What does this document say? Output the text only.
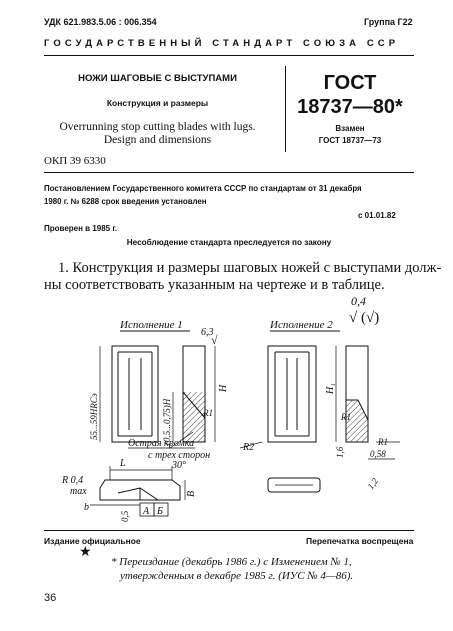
УДК 621.983.5.06 : 006.354	Группа Г22
ГОСУДАРСТВЕННЫЙ СТАНДАРТ СОЮЗА ССР
НОЖИ ШАГОВЫЕ С ВЫСТУПАМИ
Конструкция и размеры
Overrunning stop cutting blades with lugs.
Design and dimensions
ГОСТ
18737—80*
Взамен
ГОСТ 18737—73
ОКП 39 6330
Постановлением Государственного комитета СССР по стандартам от 31 декабря
1980 г. № 6288 срок введения установлен
с 01.01.82
Проверен в 1985 г.
Несоблюдение стандарта преследуется по закону
1. Конструкция и размеры шаговых ножей с выступами долж-
ны соответствовать указанным на чертеже и в таблице.
0,4
√ (√)
Исполнение 1	Исполнение 2
55...59HRCэ
6,3
√
H
(0,5...0,75)H	R1
Острая кромка
с трех сторон
30°
L
R 0,4
max
b
B
0,5 А Б
R2
H₁
R1
R1
1,6	0,58
1,2
Издание официальное	Перепечатка воспрещена
★
* Переиздание (декабрь 1986 г.) с Изменением № 1,
утвержденным в декабре 1985 г. (ИУС № 4—86).
36
